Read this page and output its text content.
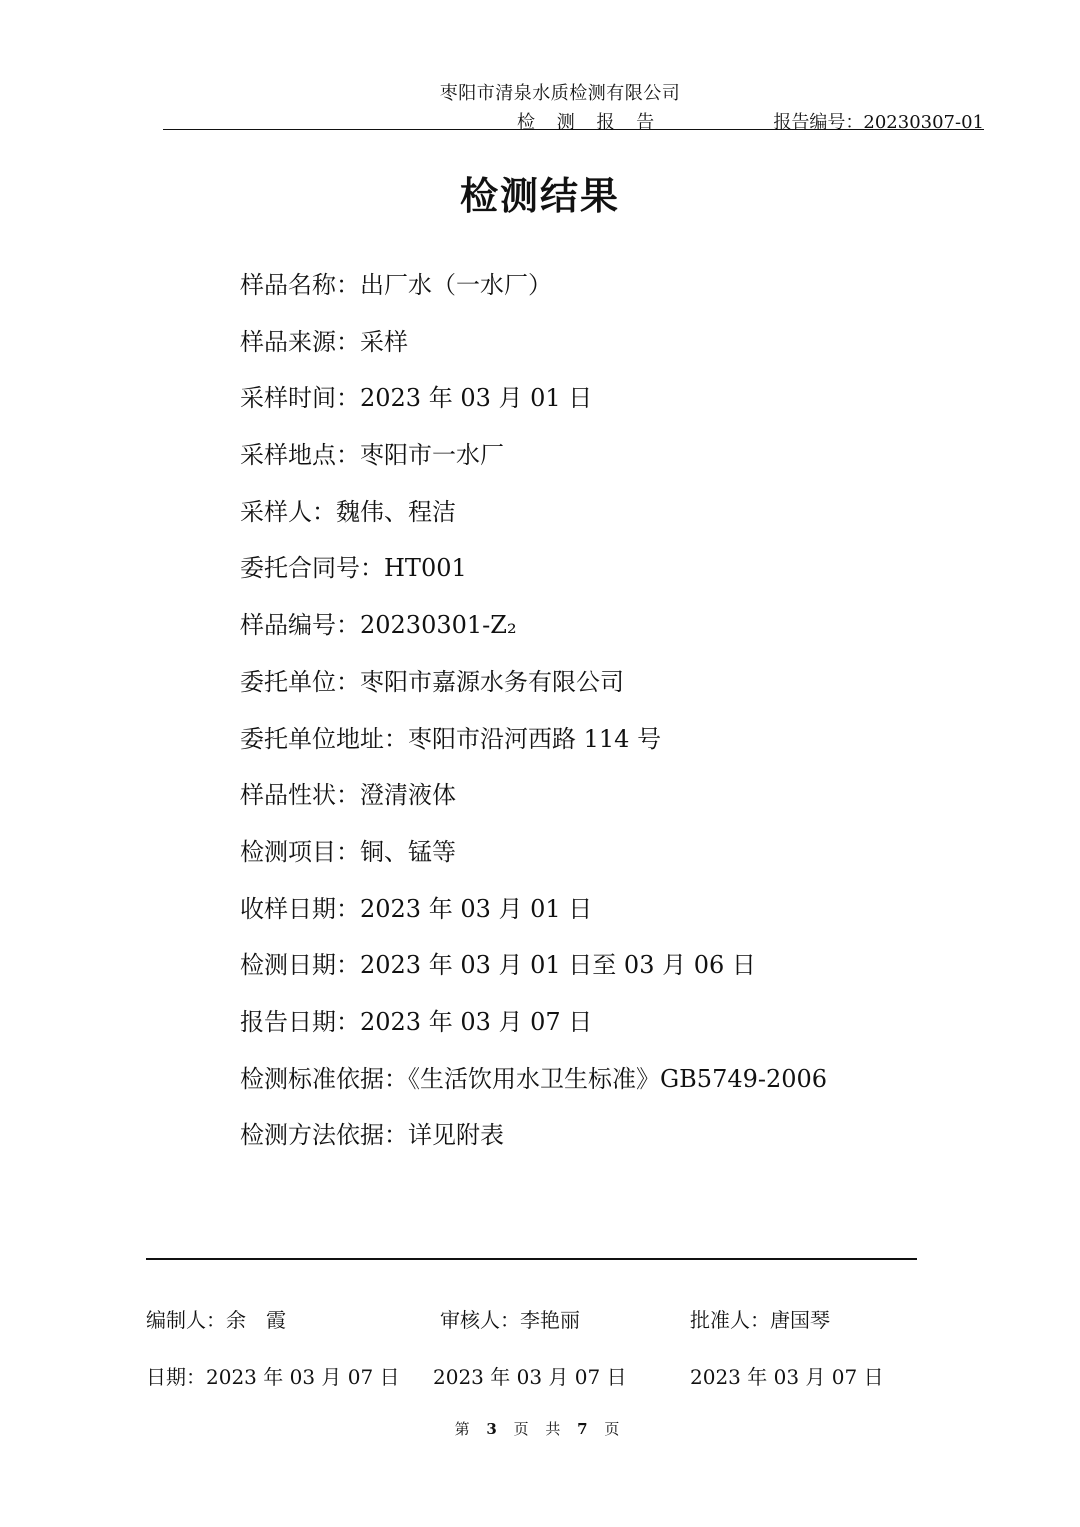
枣阳市清泉水质检测有限公司
检 测 报 告	报告编号：20230307-01
检测结果
样品名称：出厂水（一水厂）
样品来源：采样
采样时间：2023 年 03 月 01 日
采样地点：枣阳市一水厂
采样人：魏伟、程洁
委托合同号：HT001
样品编号：20230301-Z₂
委托单位：枣阳市嘉源水务有限公司
委托单位地址：枣阳市沿河西路 114 号
样品性状：澄清液体
检测项目：铜、锰等
收样日期：2023 年 03 月 01 日
检测日期：2023 年 03 月 01 日至 03 月 06 日
报告日期：2023 年 03 月 07 日
检测标准依据：《生活饮用水卫生标准》GB5749-2006
检测方法依据：详见附表
编制人：余　霞	审核人：李艳丽	批准人：唐国琴
日期：2023 年 03 月 07 日 2023 年 03 月 07 日	2023 年 03 月 07 日
第 3 页 共 7 页
